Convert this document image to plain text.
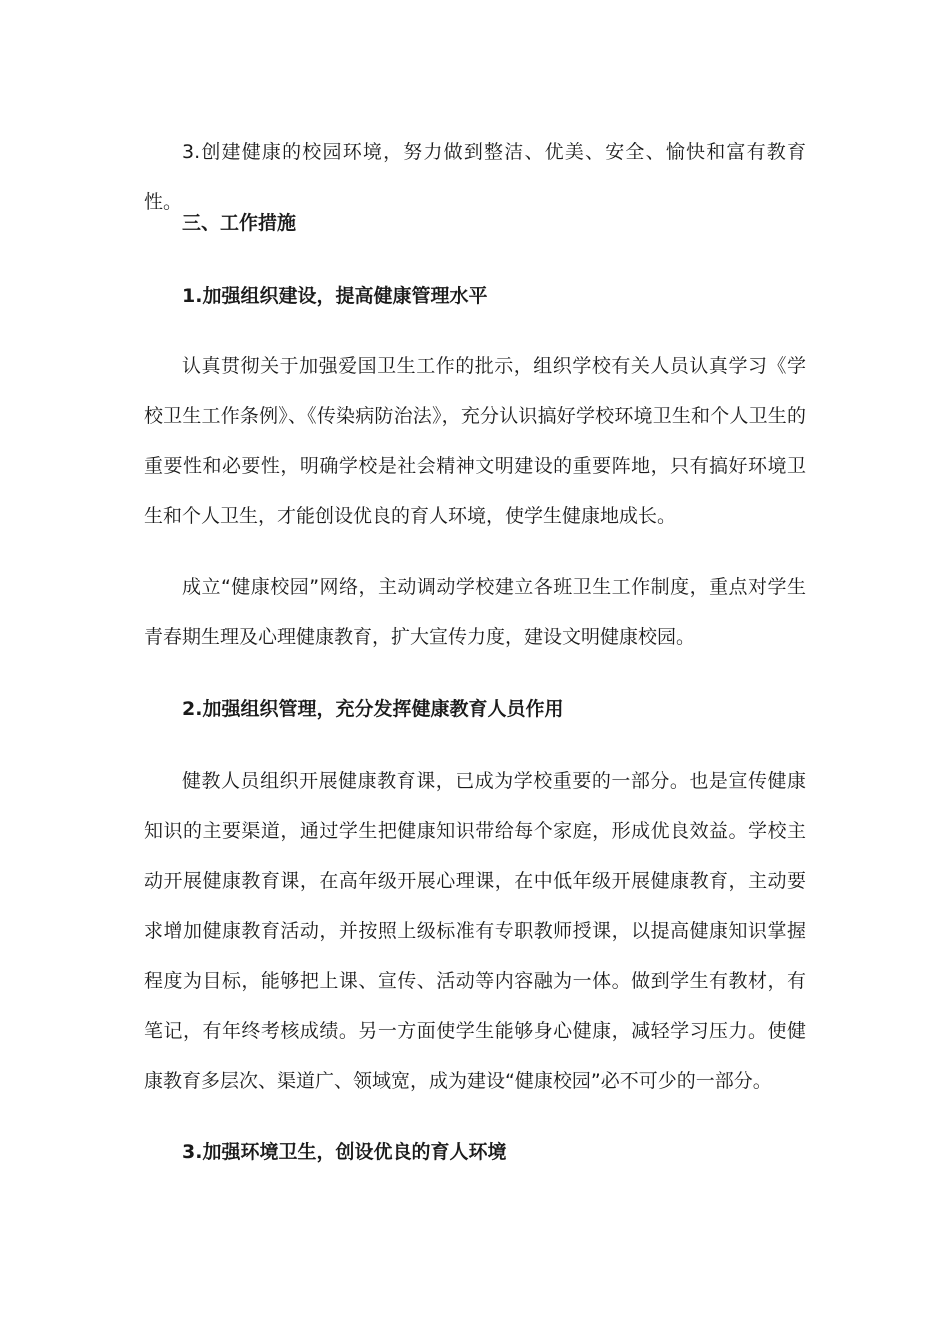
3.创建健康的校园环境，努力做到整洁、优美、安全、愉快和富有教育性。

三、工作措施
1.加强组织建设，提高健康管理水平

认真贯彻关于加强爱国卫生工作的批示，组织学校有关人员认真学习《学校卫生工作条例》、《传染病防治法》，充分认识搞好学校环境卫生和个人卫生的重要性和必要性，明确学校是社会精神文明建设的重要阵地，只有搞好环境卫生和个人卫生，才能创设优良的育人环境，使学生健康地成长。

成立“健康校园”网络，主动调动学校建立各班卫生工作制度，重点对学生青春期生理及心理健康教育，扩大宣传力度，建设文明健康校园。

2.加强组织管理，充分发挥健康教育人员作用

健教人员组织开展健康教育课，已成为学校重要的一部分。也是宣传健康知识的主要渠道，通过学生把健康知识带给每个家庭，形成优良效益。学校主动开展健康教育课，在高年级开展心理课，在中低年级开展健康教育，主动要求增加健康教育活动，并按照上级标准有专职教师授课，以提高健康知识掌握程度为目标，能够把上课、宣传、活动等内容融为一体。做到学生有教材，有笔记，有年终考核成绩。另一方面使学生能够身心健康，减轻学习压力。使健康教育多层次、渠道广、领域宽，成为建设“健康校园”必不可少的一部分。

3.加强环境卫生，创设优良的育人环境
